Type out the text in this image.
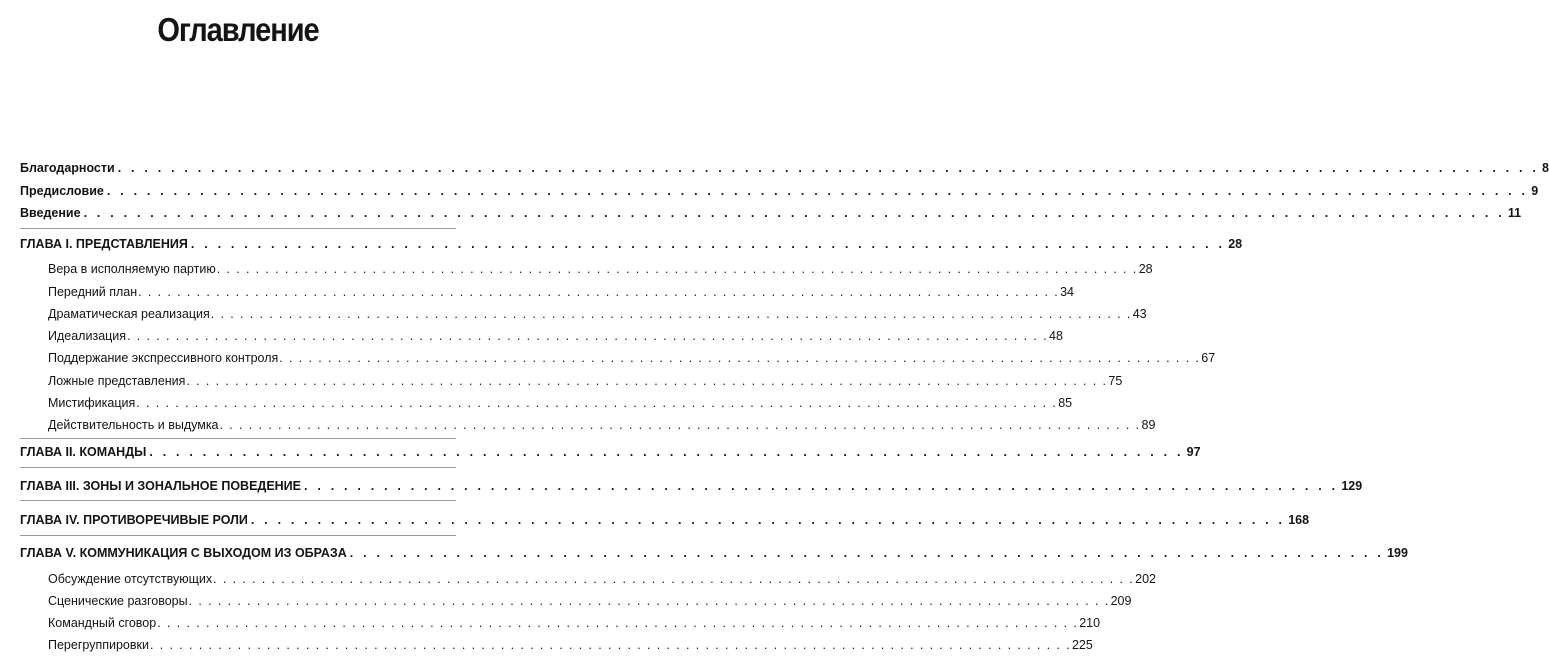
Оглавление
Благодарности . . . . . . . . . . . . . . . . . . . . . . . . . . . . . . . . . . . . . . . . . . . . . . . . . . . . . . . . . . . . . . . . . . . . . . . . . . . . . . . . . . . . . . . . . . . . . . . . . . . . . . . . . . . 8
Предисловие . . . . . . . . . . . . . . . . . . . . . . . . . . . . . . . . . . . . . . . . . . . . . . . . . . . . . . . . . . . . . . . . . . . . . . . . . . . . . . . . . . . . . . . . . . . . . . . . . . . . . . . . . . . 9
Введение . . . . . . . . . . . . . . . . . . . . . . . . . . . . . . . . . . . . . . . . . . . . . . . . . . . . . . . . . . . . . . . . . . . . . . . . . . . . . . . . . . . . . . . . . . . . . . . . . . . . . . . . . . . 11
ГЛАВА I. ПРЕДСТАВЛЕНИЯ . . . . . . . . . . . . . . . . . . . . . . . . . . . . . . . . . . . . . . . . . . . . . . . . . . . . . . . . . . . . . . . . . . . . . . . . . . . . . . 28
Вера в исполняемую партию . . . . . . . . . . . . . . . . . . . . . . . . . . . . . . . . . . . . . . . . . . . . . . . . . . . . . . . . . . . . . . . . . . . . . . . . . . . . . . . . . . . . . . . . . . . . . . . 28
Передний план . . . . . . . . . . . . . . . . . . . . . . . . . . . . . . . . . . . . . . . . . . . . . . . . . . . . . . . . . . . . . . . . . . . . . . . . . . . . . . . . . . . . . . . . . . . . . . . 34
Драматическая реализация . . . . . . . . . . . . . . . . . . . . . . . . . . . . . . . . . . . . . . . . . . . . . . . . . . . . . . . . . . . . . . . . . . . . . . . . . . . . . . . . . . . . . . . . . . . . . . . 43
Идеализация . . . . . . . . . . . . . . . . . . . . . . . . . . . . . . . . . . . . . . . . . . . . . . . . . . . . . . . . . . . . . . . . . . . . . . . . . . . . . . . . . . . . . . . . . . . . . . . 48
Поддержание экспрессивного контроля . . . . . . . . . . . . . . . . . . . . . . . . . . . . . . . . . . . . . . . . . . . . . . . . . . . . . . . . . . . . . . . . . . . . . . . . . . . . . . . . . . . . . . . . . . . . . . . 67
Ложные представления . . . . . . . . . . . . . . . . . . . . . . . . . . . . . . . . . . . . . . . . . . . . . . . . . . . . . . . . . . . . . . . . . . . . . . . . . . . . . . . . . . . . . . . . . . . . . . . 75
Мистификация . . . . . . . . . . . . . . . . . . . . . . . . . . . . . . . . . . . . . . . . . . . . . . . . . . . . . . . . . . . . . . . . . . . . . . . . . . . . . . . . . . . . . . . . . . . . . . . 85
Действительность и выдумка . . . . . . . . . . . . . . . . . . . . . . . . . . . . . . . . . . . . . . . . . . . . . . . . . . . . . . . . . . . . . . . . . . . . . . . . . . . . . . . . . . . . . . . . . . . . . . . 89
ГЛАВА II. КОМАНДЫ . . . . . . . . . . . . . . . . . . . . . . . . . . . . . . . . . . . . . . . . . . . . . . . . . . . . . . . . . . . . . . . . . . . . . . . . . . . . . . 97
ГЛАВА III. ЗОНЫ И ЗОНАЛЬНОЕ ПОВЕДЕНИЕ . . . . . . . . . . . . . . . . . . . . . . . . . . . . . . . . . . . . . . . . . . . . . . . . . . . . . . . . . . . . . . . . . . . . . . . . . . . . . . 129
ГЛАВА IV. ПРОТИВОРЕЧИВЫЕ РОЛИ . . . . . . . . . . . . . . . . . . . . . . . . . . . . . . . . . . . . . . . . . . . . . . . . . . . . . . . . . . . . . . . . . . . . . . . . . . . . . . 168
ГЛАВА V. КОММУНИКАЦИЯ С ВЫХОДОМ ИЗ ОБРАЗА . . . . . . . . . . . . . . . . . . . . . . . . . . . . . . . . . . . . . . . . . . . . . . . . . . . . . . . . . . . . . . . . . . . . . . . . . . . . . . 199
Обсуждение отсутствующих . . . . . . . . . . . . . . . . . . . . . . . . . . . . . . . . . . . . . . . . . . . . . . . . . . . . . . . . . . . . . . . . . . . . . . . . . . . . . . . . . . . . . . . . . . . . . . . 202
Сценические разговоры . . . . . . . . . . . . . . . . . . . . . . . . . . . . . . . . . . . . . . . . . . . . . . . . . . . . . . . . . . . . . . . . . . . . . . . . . . . . . . . . . . . . . . . . . . . . . . . 209
Командный сговор . . . . . . . . . . . . . . . . . . . . . . . . . . . . . . . . . . . . . . . . . . . . . . . . . . . . . . . . . . . . . . . . . . . . . . . . . . . . . . . . . . . . . . . . . . . . . . . 210
Перегруппировки . . . . . . . . . . . . . . . . . . . . . . . . . . . . . . . . . . . . . . . . . . . . . . . . . . . . . . . . . . . . . . . . . . . . . . . . . . . . . . . . . . . . . . . . . . . . . . . 225
